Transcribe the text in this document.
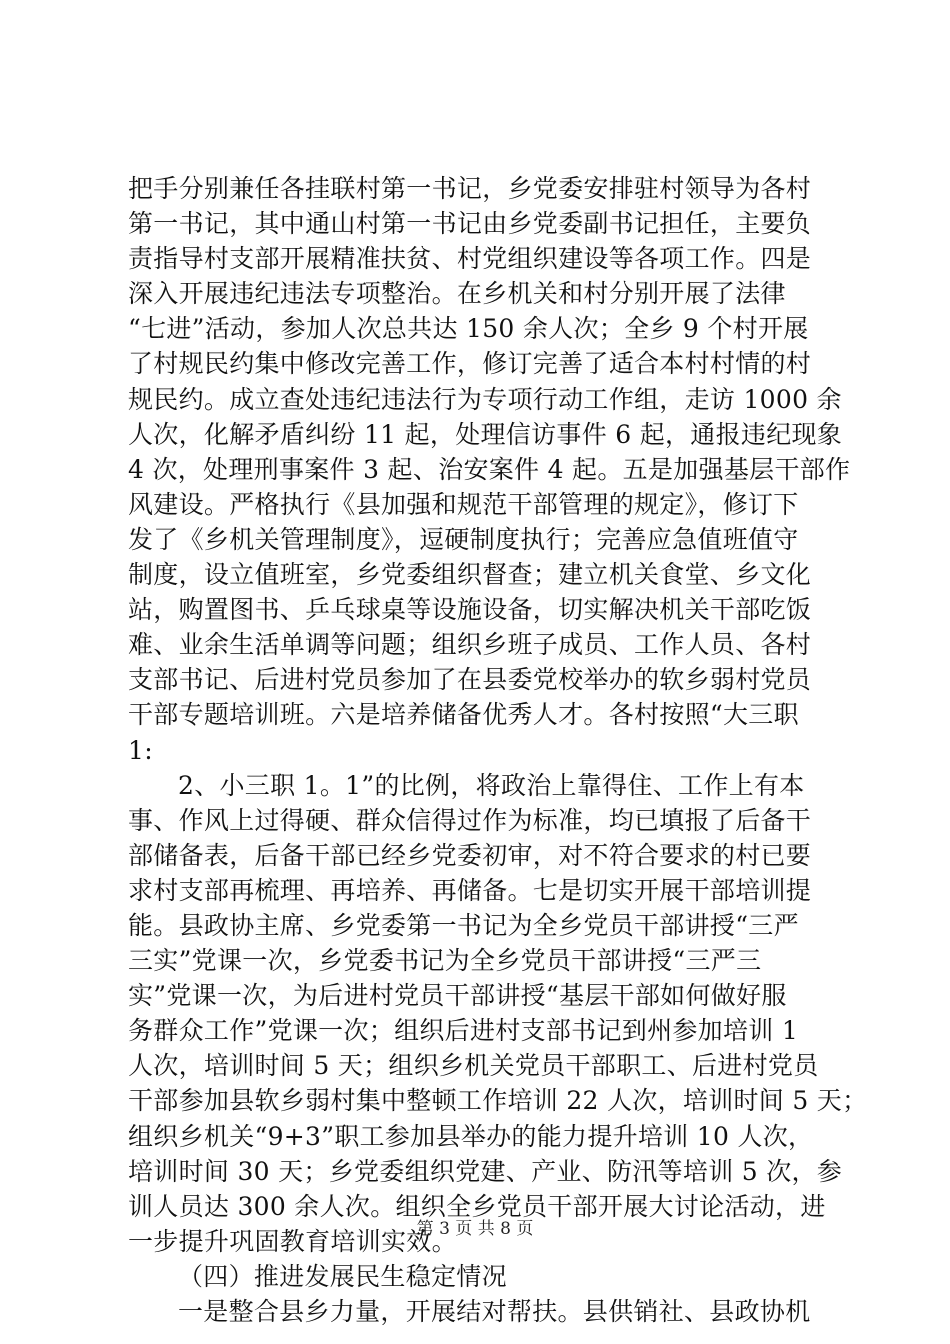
把手分别兼任各挂联村第一书记，乡党委安排驻村领导为各村
第一书记，其中通山村第一书记由乡党委副书记担任，主要负
责指导村支部开展精准扶贫、村党组织建设等各项工作。四是
深入开展违纪违法专项整治。在乡机关和村分别开展了法律
“七进”活动，参加人次总共达 150 余人次；全乡 9 个村开展
了村规民约集中修改完善工作，修订完善了适合本村村情的村
规民约。成立查处违纪违法行为专项行动工作组，走访 1000 余
人次，化解矛盾纠纷 11 起，处理信访事件 6 起，通报违纪现象
4 次，处理刑事案件 3 起、治安案件 4 起。五是加强基层干部作
风建设。严格执行《县加强和规范干部管理的规定》，修订下
发了《乡机关管理制度》，逗硬制度执行；完善应急值班值守
制度，设立值班室，乡党委组织督查；建立机关食堂、乡文化
站，购置图书、乒乓球桌等设施设备，切实解决机关干部吃饭
难、业余生活单调等问题；组织乡班子成员、工作人员、各村
支部书记、后进村党员参加了在县委党校举办的软乡弱村党员
干部专题培训班。六是培养储备优秀人才。各村按照“大三职
1:
2、小三职 1。1”的比例，将政治上靠得住、工作上有本
事、作风上过得硬、群众信得过作为标准，均已填报了后备干
部储备表，后备干部已经乡党委初审，对不符合要求的村已要
求村支部再梳理、再培养、再储备。七是切实开展干部培训提
能。县政协主席、乡党委第一书记为全乡党员干部讲授“三严
三实”党课一次，乡党委书记为全乡党员干部讲授“三严三
实”党课一次，为后进村党员干部讲授“基层干部如何做好服
务群众工作”党课一次；组织后进村支部书记到州参加培训 1
人次，培训时间 5 天；组织乡机关党员干部职工、后进村党员
干部参加县软乡弱村集中整顿工作培训 22 人次，培训时间 5 天；
组织乡机关“9+3”职工参加县举办的能力提升培训 10 人次，
培训时间 30 天；乡党委组织党建、产业、防汛等培训 5 次，参
训人员达 300 余人次。组织全乡党员干部开展大讨论活动，进
一步提升巩固教育培训实效。
（四）推进发展民生稳定情况
一是整合县乡力量，开展结对帮扶。县供销社、县政协机
第 3 页 共 8 页
